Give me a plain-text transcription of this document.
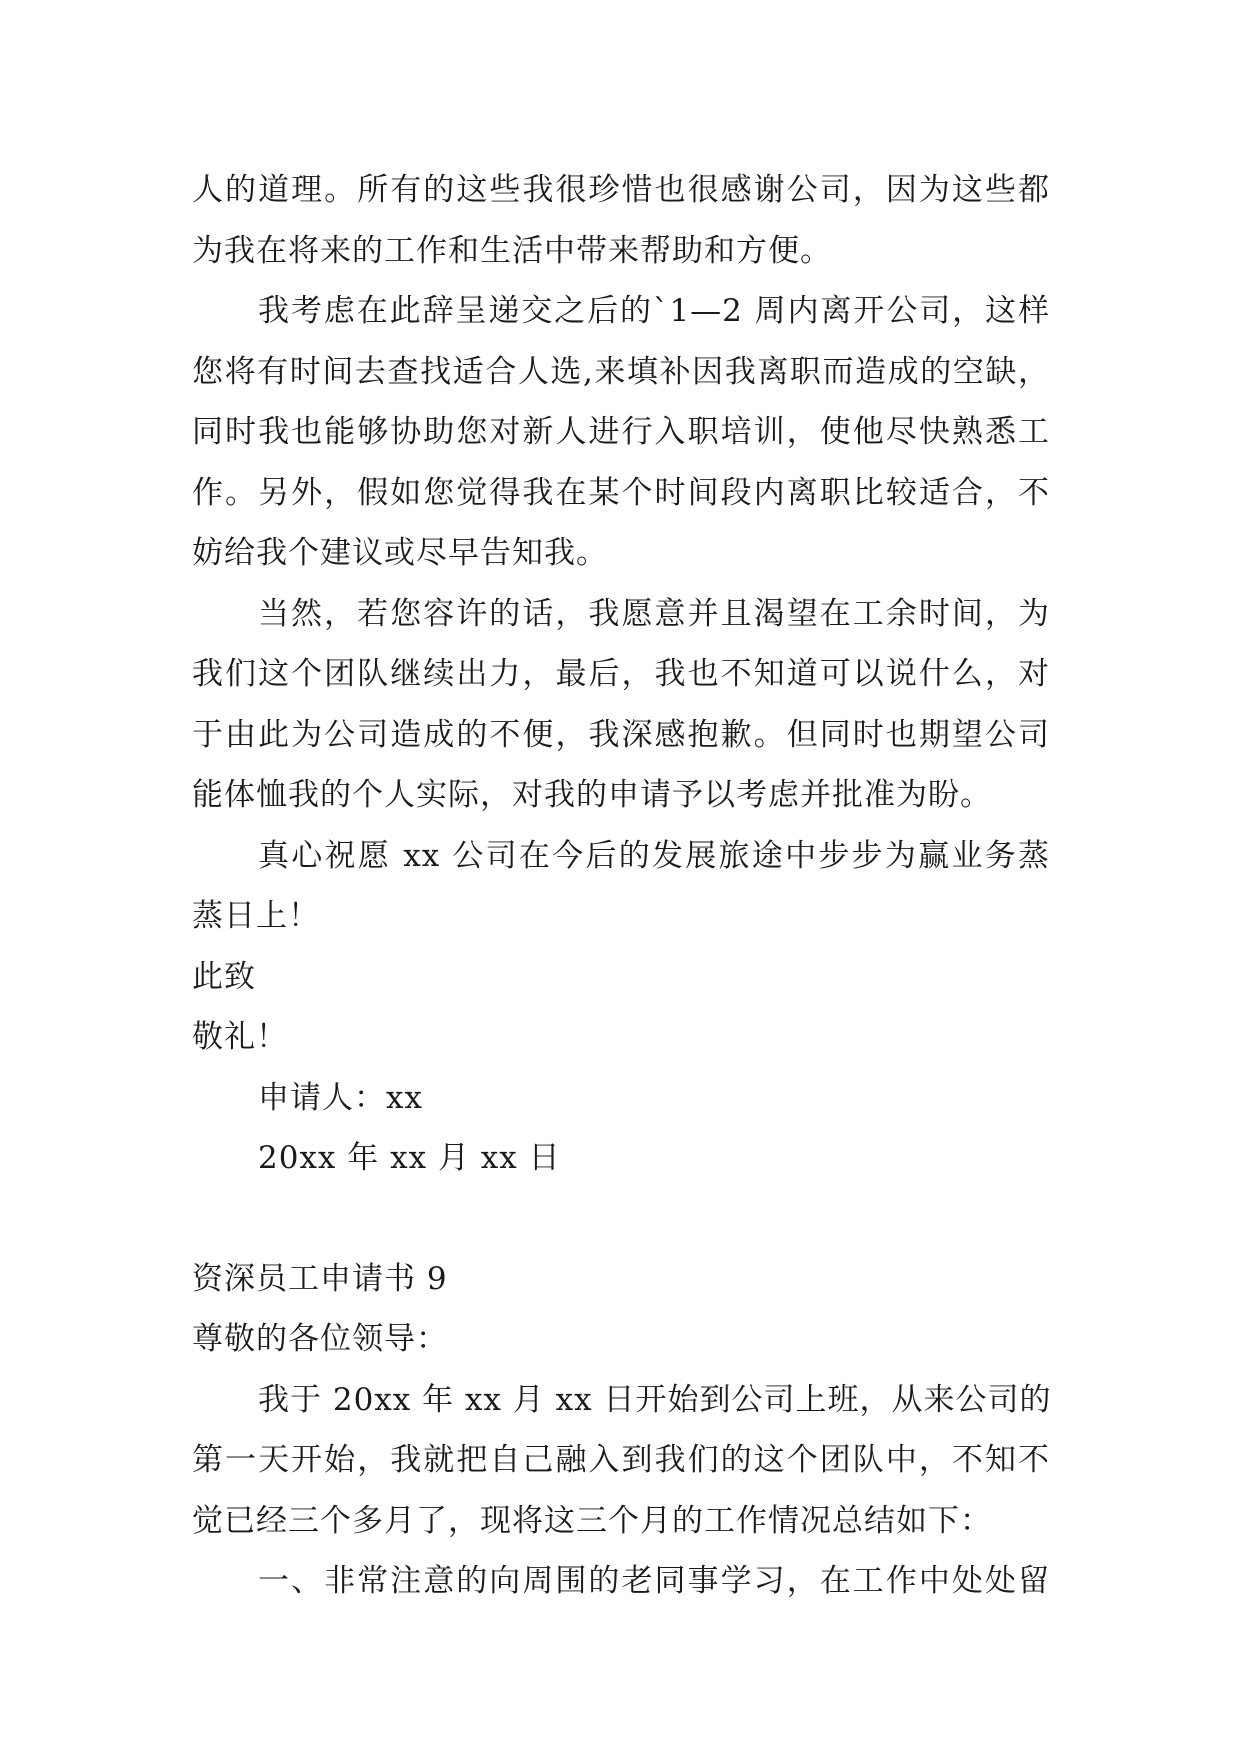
人的道理。所有的这些我很珍惜也很感谢公司，因为这些都
为我在将来的工作和生活中带来帮助和方便。
我考虑在此辞呈递交之后的`1—2 周内离开公司，这样
您将有时间去查找适合人选,来填补因我离职而造成的空缺，
同时我也能够协助您对新人进行入职培训，使他尽快熟悉工
作。另外，假如您觉得我在某个时间段内离职比较适合，不
妨给我个建议或尽早告知我。
当然，若您容许的话，我愿意并且渴望在工余时间，为
我们这个团队继续出力，最后，我也不知道可以说什么，对
于由此为公司造成的不便，我深感抱歉。但同时也期望公司
能体恤我的个人实际，对我的申请予以考虑并批准为盼。
真心祝愿 xx 公司在今后的发展旅途中步步为赢业务蒸
蒸日上！
此致
敬礼！
申请人：xx
20xx 年 xx 月 xx 日
资深员工申请书 9
尊敬的各位领导：
我于 20xx 年 xx 月 xx 日开始到公司上班，从来公司的
第一天开始，我就把自己融入到我们的这个团队中，不知不
觉已经三个多月了，现将这三个月的工作情况总结如下：
一、非常注意的向周围的老同事学习，在工作中处处留
